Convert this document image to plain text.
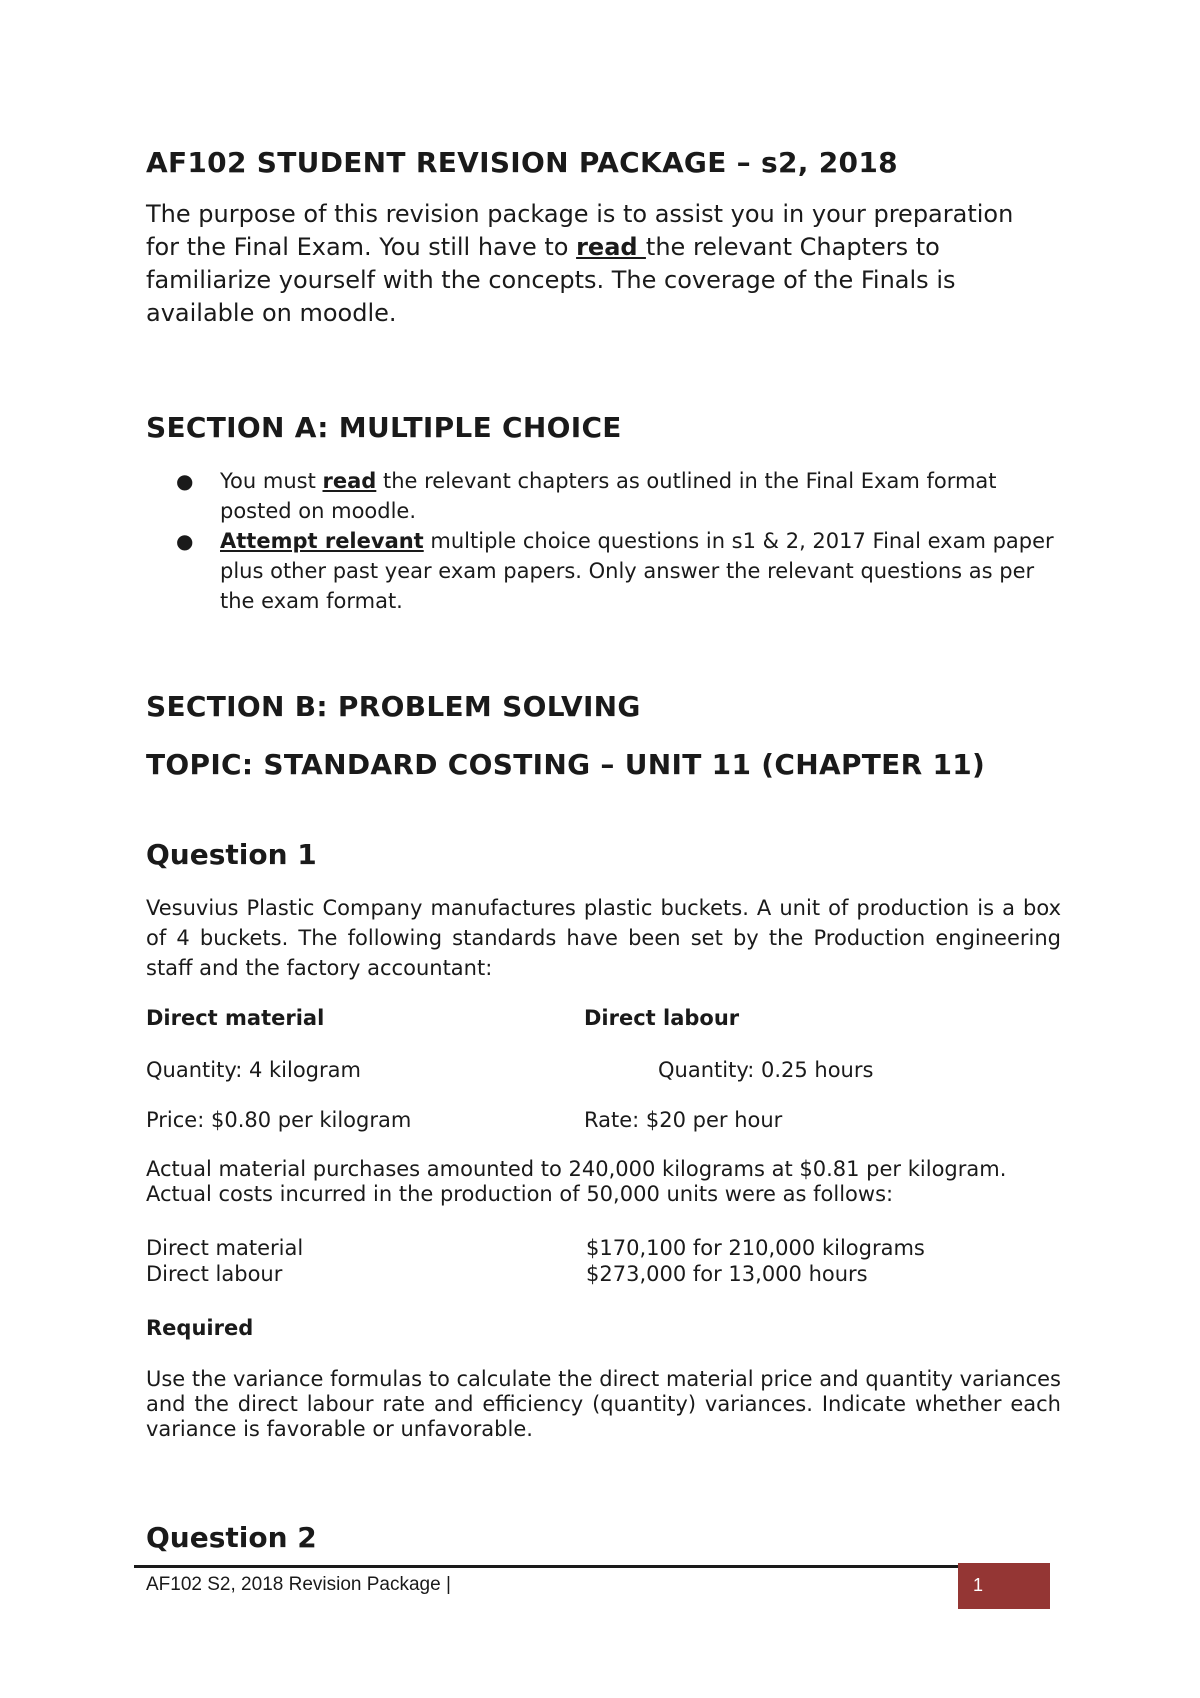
AF102 STUDENT REVISION PACKAGE – s2, 2018
The purpose of this revision package is to assist you in your preparation for the Final Exam. You still have to read the relevant Chapters to familiarize yourself with the concepts. The coverage of the Finals is available on moodle.
SECTION A: MULTIPLE CHOICE
● You must read the relevant chapters as outlined in the Final Exam format posted on moodle.
● Attempt relevant multiple choice questions in s1 & 2, 2017 Final exam paper plus other past year exam papers. Only answer the relevant questions as per the exam format.
SECTION B: PROBLEM SOLVING
TOPIC: STANDARD COSTING – UNIT 11 (CHAPTER 11)
Question 1
Vesuvius Plastic Company manufactures plastic buckets. A unit of production is a box of 4 buckets. The following standards have been set by the Production engineering staff and the factory accountant:
Direct material	Direct labour
Quantity: 4 kilogram	Quantity: 0.25 hours
Price: $0.80 per kilogram	Rate: $20 per hour
Actual material purchases amounted to 240,000 kilograms at $0.81 per kilogram.
Actual costs incurred in the production of 50,000 units were as follows:
Direct material	$170,100 for 210,000 kilograms
Direct labour	$273,000 for 13,000 hours
Required
Use the variance formulas to calculate the direct material price and quantity variances and the direct labour rate and efficiency (quantity) variances. Indicate whether each variance is favorable or unfavorable.
Question 2
AF102 S2, 2018 Revision Package |	1
